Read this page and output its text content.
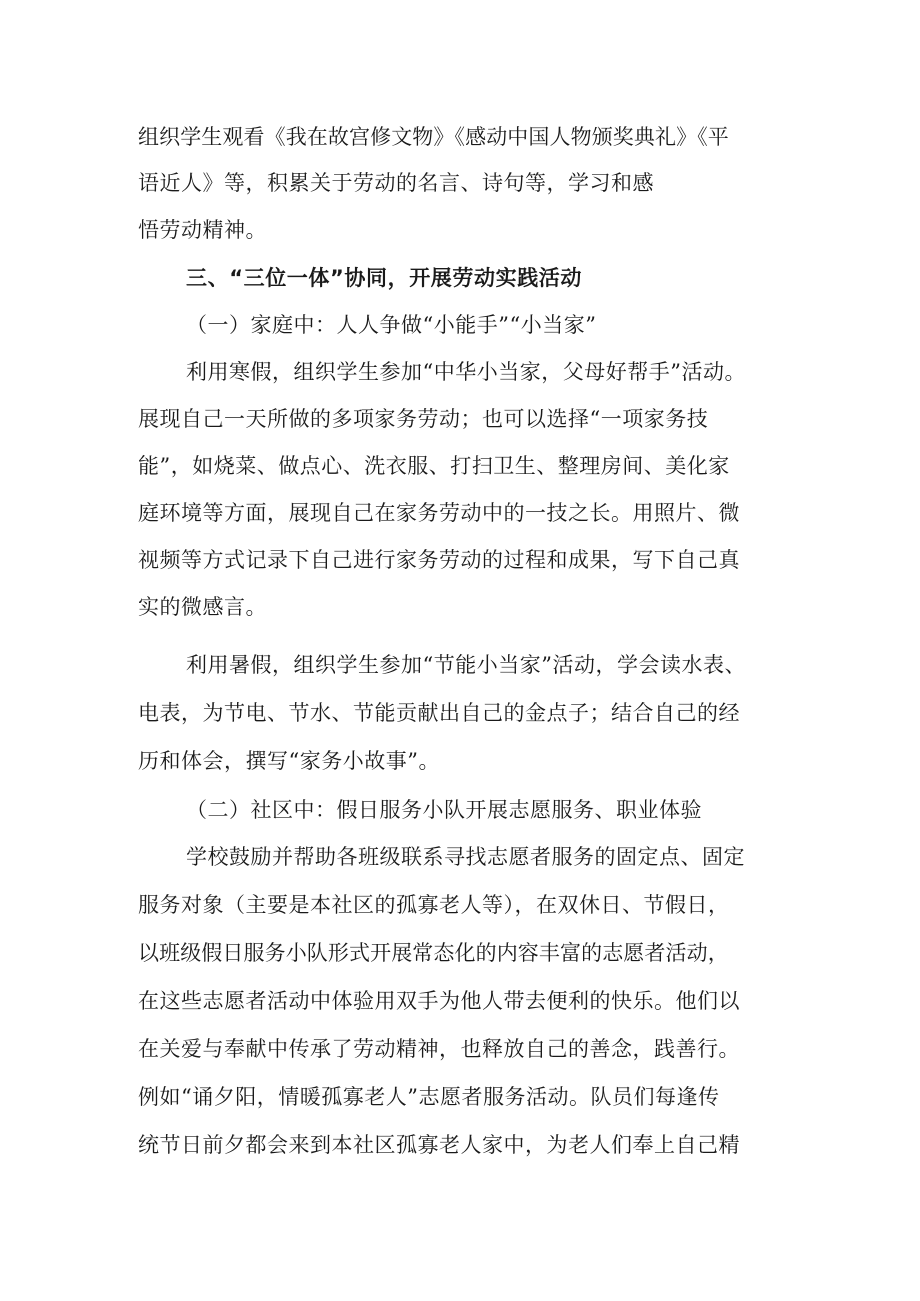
组织学生观看《我在故宫修文物》《感动中国人物颁奖典礼》《平
语近人》等，积累关于劳动的名言、诗句等，学习和感
悟劳动精神。
三、“三位一体”协同，开展劳动实践活动
（一）家庭中：人人争做“小能手”“小当家”
利用寒假，组织学生参加“中华小当家，父母好帮手”活动。
展现自己一天所做的多项家务劳动；也可以选择“一项家务技
能”，如烧菜、做点心、洗衣服、打扫卫生、整理房间、美化家
庭环境等方面，展现自己在家务劳动中的一技之长。用照片、微
视频等方式记录下自己进行家务劳动的过程和成果，写下自己真
实的微感言。
利用暑假，组织学生参加“节能小当家”活动，学会读水表、
电表，为节电、节水、节能贡献出自己的金点子；结合自己的经
历和体会，撰写“家务小故事”。
（二）社区中：假日服务小队开展志愿服务、职业体验
学校鼓励并帮助各班级联系寻找志愿者服务的固定点、固定
服务对象（主要是本社区的孤寡老人等），在双休日、节假日，
以班级假日服务小队形式开展常态化的内容丰富的志愿者活动，
在这些志愿者活动中体验用双手为他人带去便利的快乐。他们以
在关爱与奉献中传承了劳动精神，也释放自己的善念，践善行。
例如“诵夕阳，情暖孤寡老人”志愿者服务活动。队员们每逢传
统节日前夕都会来到本社区孤寡老人家中，为老人们奉上自己精
